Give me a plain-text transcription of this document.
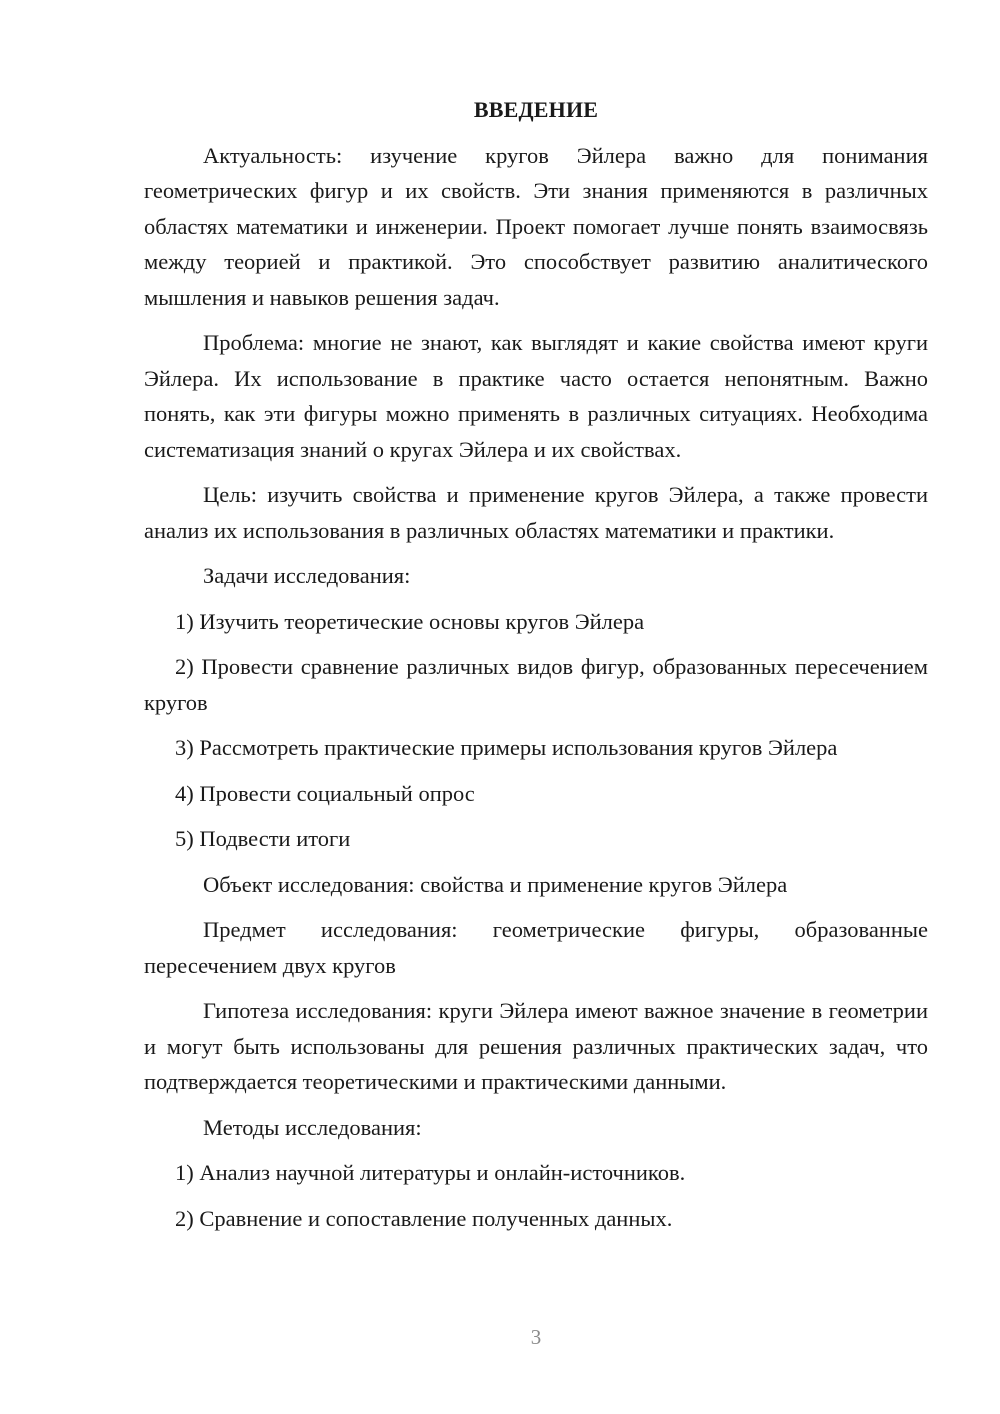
ВВЕДЕНИЕ

Актуальность: изучение кругов Эйлера важно для понимания геометрических фигур и их свойств. Эти знания применяются в различных областях математики и инженерии. Проект помогает лучше понять взаимосвязь между теорией и практикой. Это способствует развитию аналитического мышления и навыков решения задач.

Проблема: многие не знают, как выглядят и какие свойства имеют круги Эйлера. Их использование в практике часто остается непонятным. Важно понять, как эти фигуры можно применять в различных ситуациях. Необходима систематизация знаний о кругах Эйлера и их свойствах.

Цель: изучить свойства и применение кругов Эйлера, а также провести анализ их использования в различных областях математики и практики.

Задачи исследования:

1) Изучить теоретические основы кругов Эйлера

2) Провести сравнение различных видов фигур, образованных пересечением кругов

3) Рассмотреть практические примеры использования кругов Эйлера

4) Провести социальный опрос

5) Подвести итоги

Объект исследования: свойства и применение кругов Эйлера

Предмет исследования: геометрические фигуры, образованные пересечением двух кругов

Гипотеза исследования: круги Эйлера имеют важное значение в геометрии и могут быть использованы для решения различных практических задач, что подтверждается теоретическими и практическими данными.

Методы исследования:

1) Анализ научной литературы и онлайн-источников.

2) Сравнение и сопоставление полученных данных.

3
